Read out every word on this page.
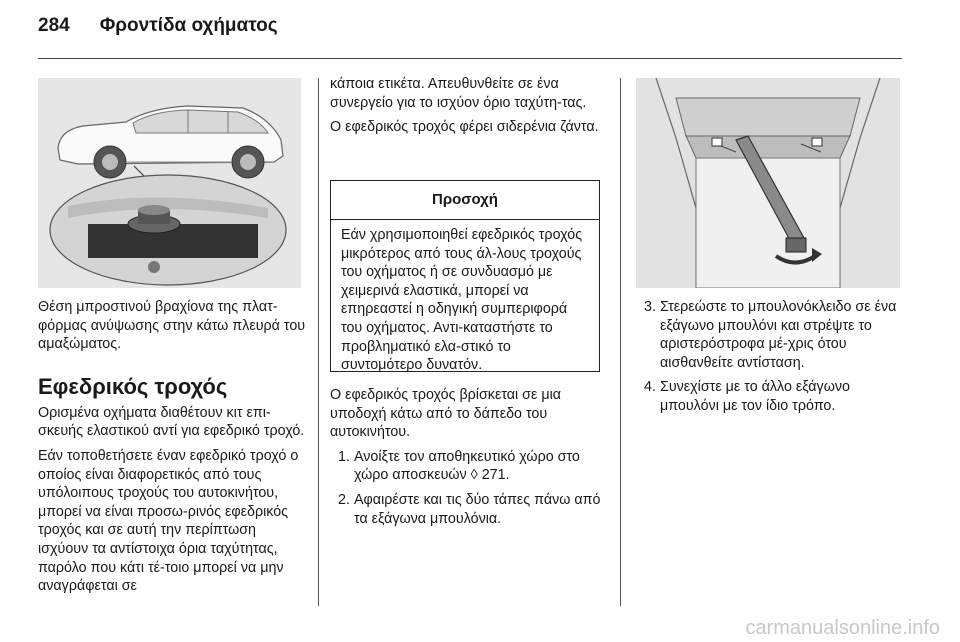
284 Φροντίδα οχήματος

Θέση μπροστινού βραχίονα της πλατ-φόρμας ανύψωσης στην κάτω πλευρά του αμαξώματος.

Εφεδρικός τροχός

Ορισμένα οχήματα διαθέτουν κιτ επι-σκευής ελαστικού αντί για εφεδρικό τροχό.

Εάν τοποθετήσετε έναν εφεδρικό τροχό ο οποίος είναι διαφορετικός από τους υπόλοιπους τροχούς του αυτοκινήτου, μπορεί να είναι προσω-ρινός εφεδρικός τροχός και σε αυτή την περίπτωση ισχύουν τα αντίστοιχα όρια ταχύτητας, παρόλο που κάτι τέ-τοιο μπορεί να μην αναγράφεται σε

κάποια ετικέτα. Απευθυνθείτε σε ένα συνεργείο για το ισχύον όριο ταχύτη-τας.

Ο εφεδρικός τροχός φέρει σιδερένια ζάντα.

Προσοχή
Εάν χρησιμοποιηθεί εφεδρικός τροχός μικρότερος από τους άλ-λους τροχούς του οχήματος ή σε συνδυασμό με χειμερινά ελαστικά, μπορεί να επηρεαστεί η οδηγική συμπεριφορά του οχήματος. Αντι-καταστήστε το προβληματικό ελα-στικό το συντομότερο δυνατόν.

Ο εφεδρικός τροχός βρίσκεται σε μια υποδοχή κάτω από το δάπεδο του αυτοκινήτου.

1. Ανοίξτε τον αποθηκευτικό χώρο στο χώρο αποσκευών ◊ 271.
2. Αφαιρέστε και τις δύο τάπες πάνω από τα εξάγωνα μπουλόνια.
3. Στερεώστε το μπουλονόκλειδο σε ένα εξάγωνο μπουλόνι και στρέψτε το αριστερόστροφα μέ-χρις ότου αισθανθείτε αντίσταση.
4. Συνεχίστε με το άλλο εξάγωνο μπουλόνι με τον ίδιο τρόπο.
carmanualsonline.info
